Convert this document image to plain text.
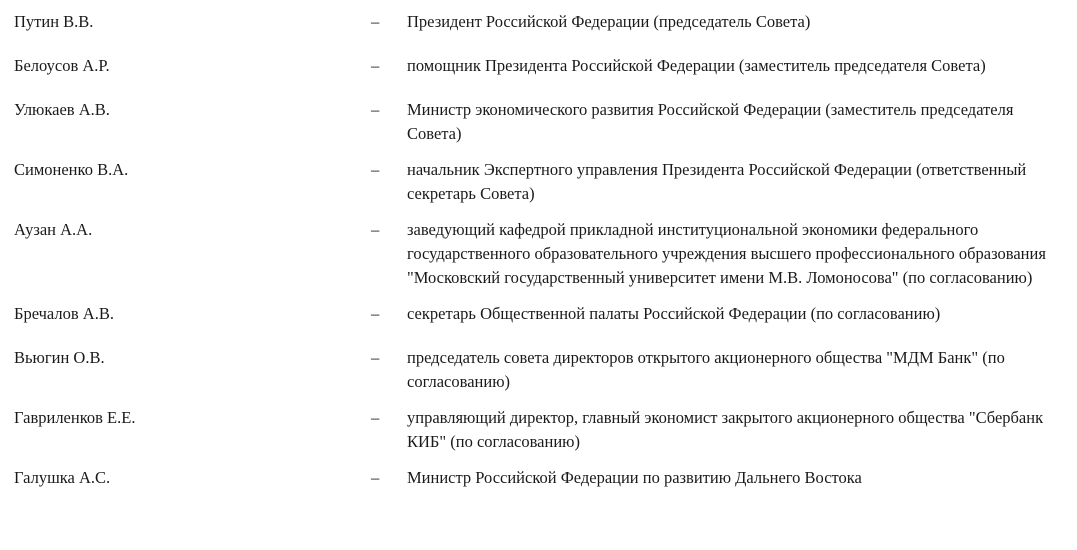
Путин В.В.	–	Президент Российской Федерации (председатель Совета)
Белоусов А.Р.	–	помощник Президента Российской Федерации (заместитель председателя Совета)
Улюкаев А.В.	–	Министр экономического развития Российской Федерации (заместитель председателя Совета)
Симоненко В.А.	–	начальник Экспертного управления Президента Российской Федерации (ответственный секретарь Совета)
Аузан А.А.	–	заведующий кафедрой прикладной институциональной экономики федерального государственного образовательного учреждения высшего профессионального образования "Московский государственный университет имени М.В. Ломоносова" (по согласованию)
Бречалов А.В.	–	секретарь Общественной палаты Российской Федерации (по согласованию)
Вьюгин О.В.	–	председатель совета директоров открытого акционерного общества "МДМ Банк" (по согласованию)
Гавриленков Е.Е.	–	управляющий директор, главный экономист закрытого акционерного общества "Сбербанк КИБ" (по согласованию)
Галушка А.С.	–	Министр Российской Федерации по развитию Дальнего Востока
